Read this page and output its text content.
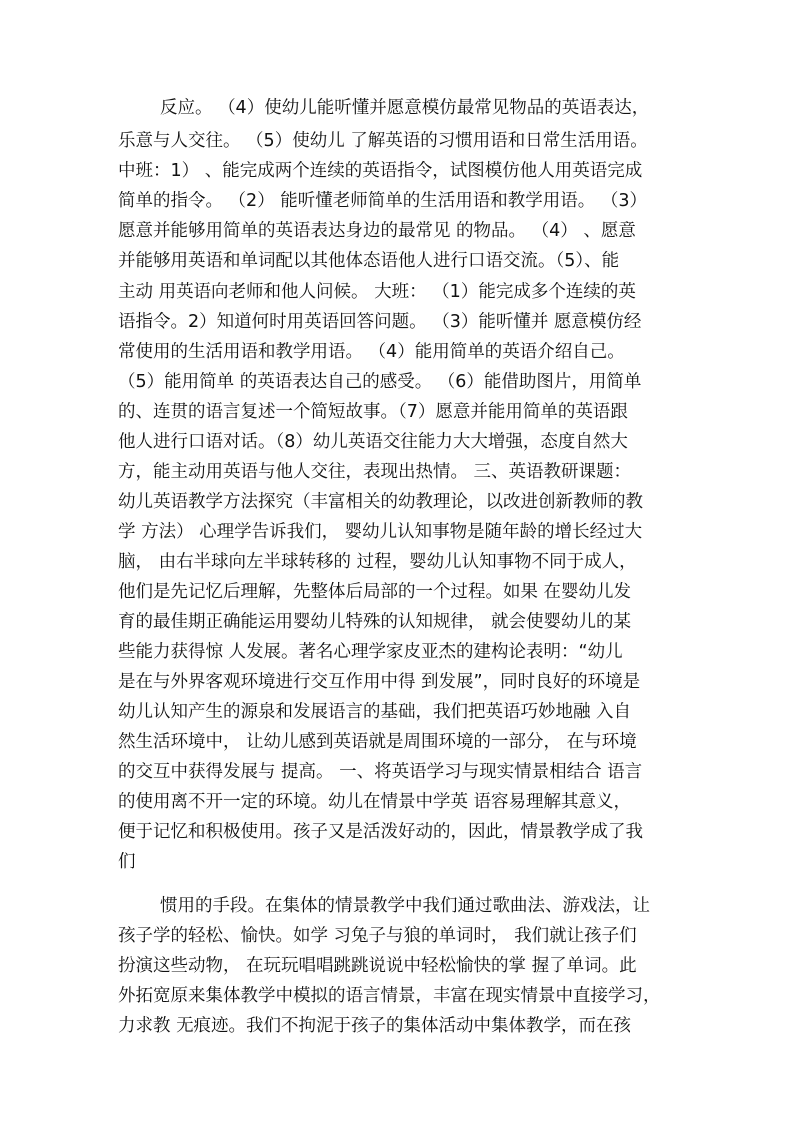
反应。 （4）使幼儿能听懂并愿意模仿最常见物品的英语表达，
乐意与人交往。 （5）使幼儿 了解英语的习惯用语和日常生活用语。
中班：1） 、能完成两个连续的英语指令，试图模仿他人用英语完成
简单的指令。 （2） 能听懂老师简单的生活用语和教学用语。 （3）
愿意并能够用简单的英语表达身边的最常见 的物品。 （4） 、愿意
并能够用英语和单词配以其他体态语他人进行口语交流。（5）、能
主动 用英语向老师和他人问候。 大班： （1）能完成多个连续的英
语指令。2）知道何时用英语回答问题。 （3）能听懂并 愿意模仿经
常使用的生活用语和教学用语。 （4）能用简单的英语介绍自己。
（5）能用简单 的英语表达自己的感受。 （6）能借助图片，用简单
的、连贯的语言复述一个简短故事。（7）愿意并能用简单的英语跟
他人进行口语对话。（8）幼儿英语交往能力大大增强，态度自然大
方，能主动用英语与他人交往，表现出热情。 三、英语教研课题：
幼儿英语教学方法探究（丰富相关的幼教理论，以改进创新教师的教
学 方法） 心理学告诉我们， 婴幼儿认知事物是随年龄的增长经过大
脑， 由右半球向左半球转移的 过程，婴幼儿认知事物不同于成人，
他们是先记忆后理解，先整体后局部的一个过程。如果 在婴幼儿发
育的最佳期正确能运用婴幼儿特殊的认知规律， 就会使婴幼儿的某
些能力获得惊 人发展。著名心理学家皮亚杰的建构论表明：“幼儿
是在与外界客观环境进行交互作用中得 到发展”，同时良好的环境是
幼儿认知产生的源泉和发展语言的基础，我们把英语巧妙地融 入自
然生活环境中， 让幼儿感到英语就是周围环境的一部分， 在与环境
的交互中获得发展与 提高。 一、将英语学习与现实情景相结合 语言
的使用离不开一定的环境。幼儿在情景中学英 语容易理解其意义，
便于记忆和积极使用。孩子又是活泼好动的，因此，情景教学成了我
们
惯用的手段。在集体的情景教学中我们通过歌曲法、游戏法，让
孩子学的轻松、愉快。如学 习兔子与狼的单词时， 我们就让孩子们
扮演这些动物， 在玩玩唱唱跳跳说说中轻松愉快的掌 握了单词。此
外拓宽原来集体教学中模拟的语言情景，丰富在现实情景中直接学习，
力求教 无痕迹。我们不拘泥于孩子的集体活动中集体教学，而在孩
